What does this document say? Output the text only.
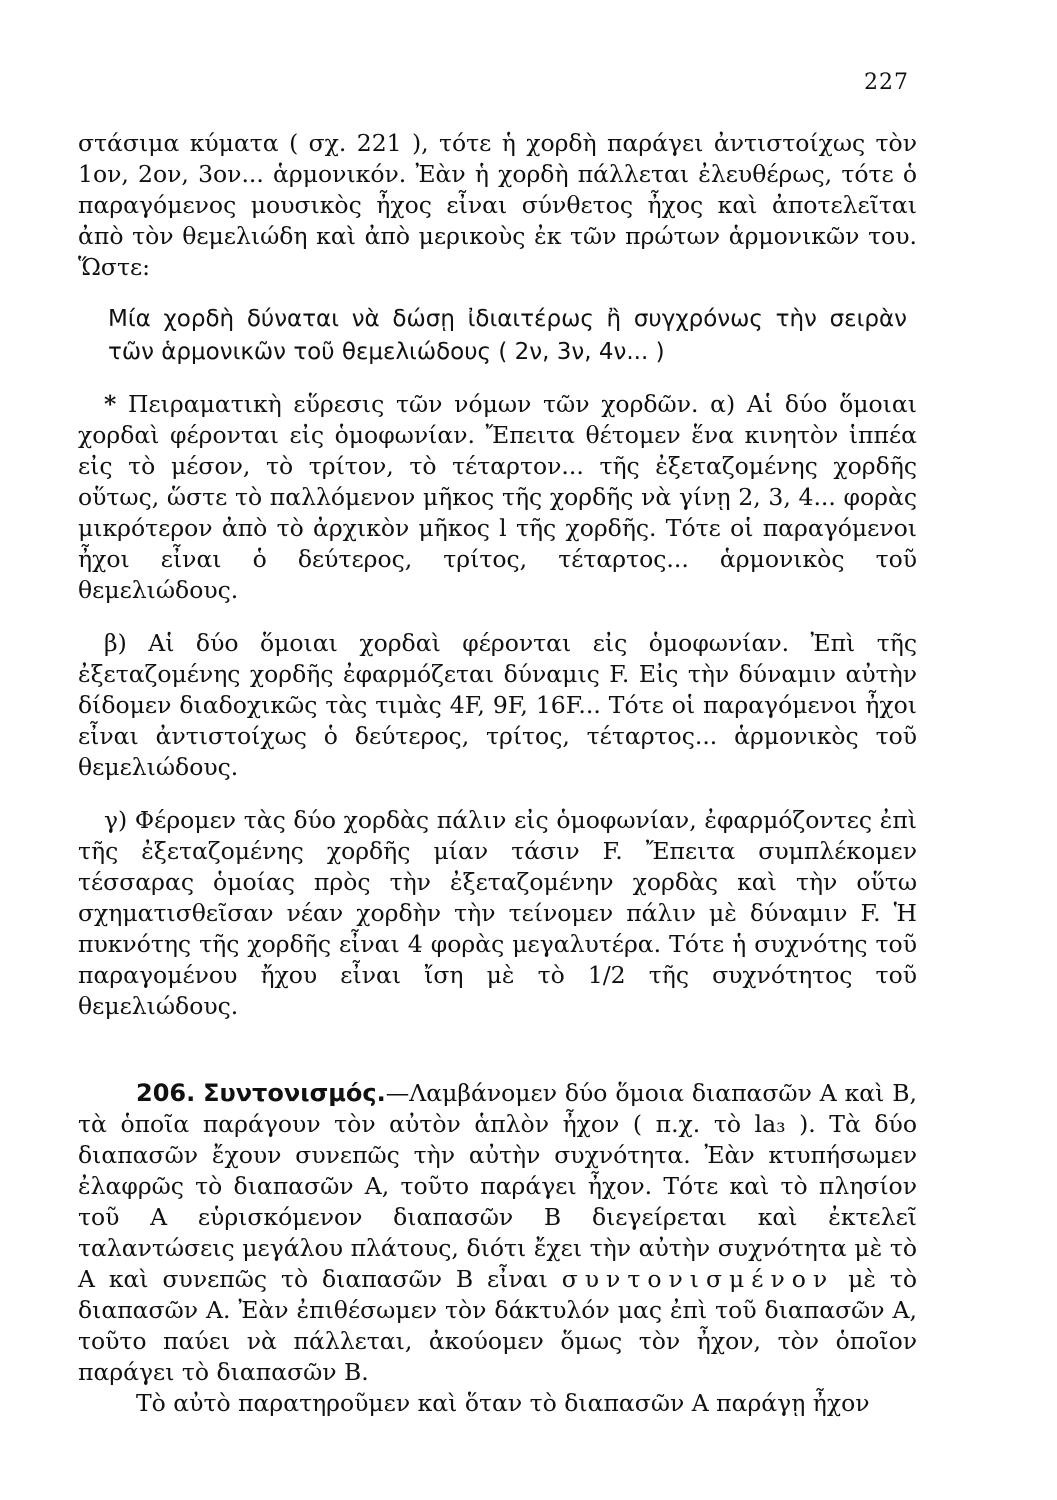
227

στάσιμα κύματα ( σχ. 221 ), τότε ἡ χορδὴ παράγει ἀντιστοίχως τὸν 1ον, 2ον, 3ον... ἁρμονικόν. Ἐὰν ἡ χορδὴ πάλλεται ἐλευθέρως, τότε ὁ παραγόμενος μουσικὸς ἦχος εἶναι σύνθετος ἦχος καὶ ἀποτελεῖται ἀπὸ τὸν θεμελιώδη καὶ ἀπὸ μερικοὺς ἐκ τῶν πρώτων ἁρμονικῶν του. Ὥστε:

Μία χορδὴ δύναται νὰ δώσῃ ἰδιαιτέρως ἢ συγχρόνως τὴν σειρὰν τῶν ἁρμονικῶν τοῦ θεμελιώδους ( 2ν, 3ν, 4ν... )

* Πειραματικὴ εὕρεσις τῶν νόμων τῶν χορδῶν. α) Αἱ δύο ὅμοιαι χορδαὶ φέρονται εἰς ὁμοφωνίαν. Ἔπειτα θέτομεν ἕνα κινητὸν ἱππέα εἰς τὸ μέσον, τὸ τρίτον, τὸ τέταρτον... τῆς ἐξεταζομένης χορδῆς οὕτως, ὥστε τὸ παλλόμενον μῆκος τῆς χορδῆς νὰ γίνῃ 2, 3, 4... φορὰς μικρότερον ἀπὸ τὸ ἀρχικὸν μῆκος l τῆς χορδῆς. Τότε οἱ παραγόμενοι ἦχοι εἶναι ὁ δεύτερος, τρίτος, τέταρτος... ἁρμονικὸς τοῦ θεμελιώδους.

β) Αἱ δύο ὅμοιαι χορδαὶ φέρονται εἰς ὁμοφωνίαν. Ἐπὶ τῆς ἐξεταζομένης χορδῆς ἐφαρμόζεται δύναμις F. Εἰς τὴν δύναμιν αὐτὴν δίδομεν διαδοχικῶς τὰς τιμὰς 4F, 9F, 16F... Τότε οἱ παραγόμενοι ἦχοι εἶναι ἀντιστοίχως ὁ δεύτερος, τρίτος, τέταρτος... ἁρμονικὸς τοῦ θεμελιώδους.

γ) Φέρομεν τὰς δύο χορδὰς πάλιν εἰς ὁμοφωνίαν, ἐφαρμόζοντες ἐπὶ τῆς ἐξεταζομένης χορδῆς μίαν τάσιν F. Ἔπειτα συμπλέκομεν τέσσαρας ὁμοίας πρὸς τὴν ἐξεταζομένην χορδὰς καὶ τὴν οὕτω σχηματισθεῖσαν νέαν χορδὴν τὴν τείνομεν πάλιν μὲ δύναμιν F. Ἡ πυκνότης τῆς χορδῆς εἶναι 4 φορὰς μεγαλυτέρα. Τότε ἡ συχνότης τοῦ παραγομένου ἤχου εἶναι ἴση μὲ τὸ 1/2 τῆς συχνότητος τοῦ θεμελιώδους.

206. Συντονισμός.—Λαμβάνομεν δύο ὅμοια διαπασῶν Α καὶ Β, τὰ ὁποῖα παράγουν τὸν αὐτὸν ἁπλὸν ἦχον ( π.χ. τὸ la₃ ). Τὰ δύο διαπασῶν ἔχουν συνεπῶς τὴν αὐτὴν συχνότητα. Ἐὰν κτυπήσωμεν ἐλαφρῶς τὸ διαπασῶν Α, τοῦτο παράγει ἦχον. Τότε καὶ τὸ πλησίον τοῦ Α εὑρισκόμενον διαπασῶν Β διεγείρεται καὶ ἐκτελεῖ ταλαντώσεις μεγάλου πλάτους, διότι ἔχει τὴν αὐτὴν συχνότητα μὲ τὸ Α καὶ συνεπῶς τὸ διαπασῶν Β εἶναι συντονισμένον μὲ τὸ διαπασῶν Α. Ἐὰν ἐπιθέσωμεν τὸν δάκτυλόν μας ἐπὶ τοῦ διαπασῶν Α, τοῦτο παύει νὰ πάλλεται, ἀκούομεν ὅμως τὸν ἦχον, τὸν ὁποῖον παράγει τὸ διαπασῶν Β.

Τὸ αὐτὸ παρατηροῦμεν καὶ ὅταν τὸ διαπασῶν Α παράγῃ ἦχον
